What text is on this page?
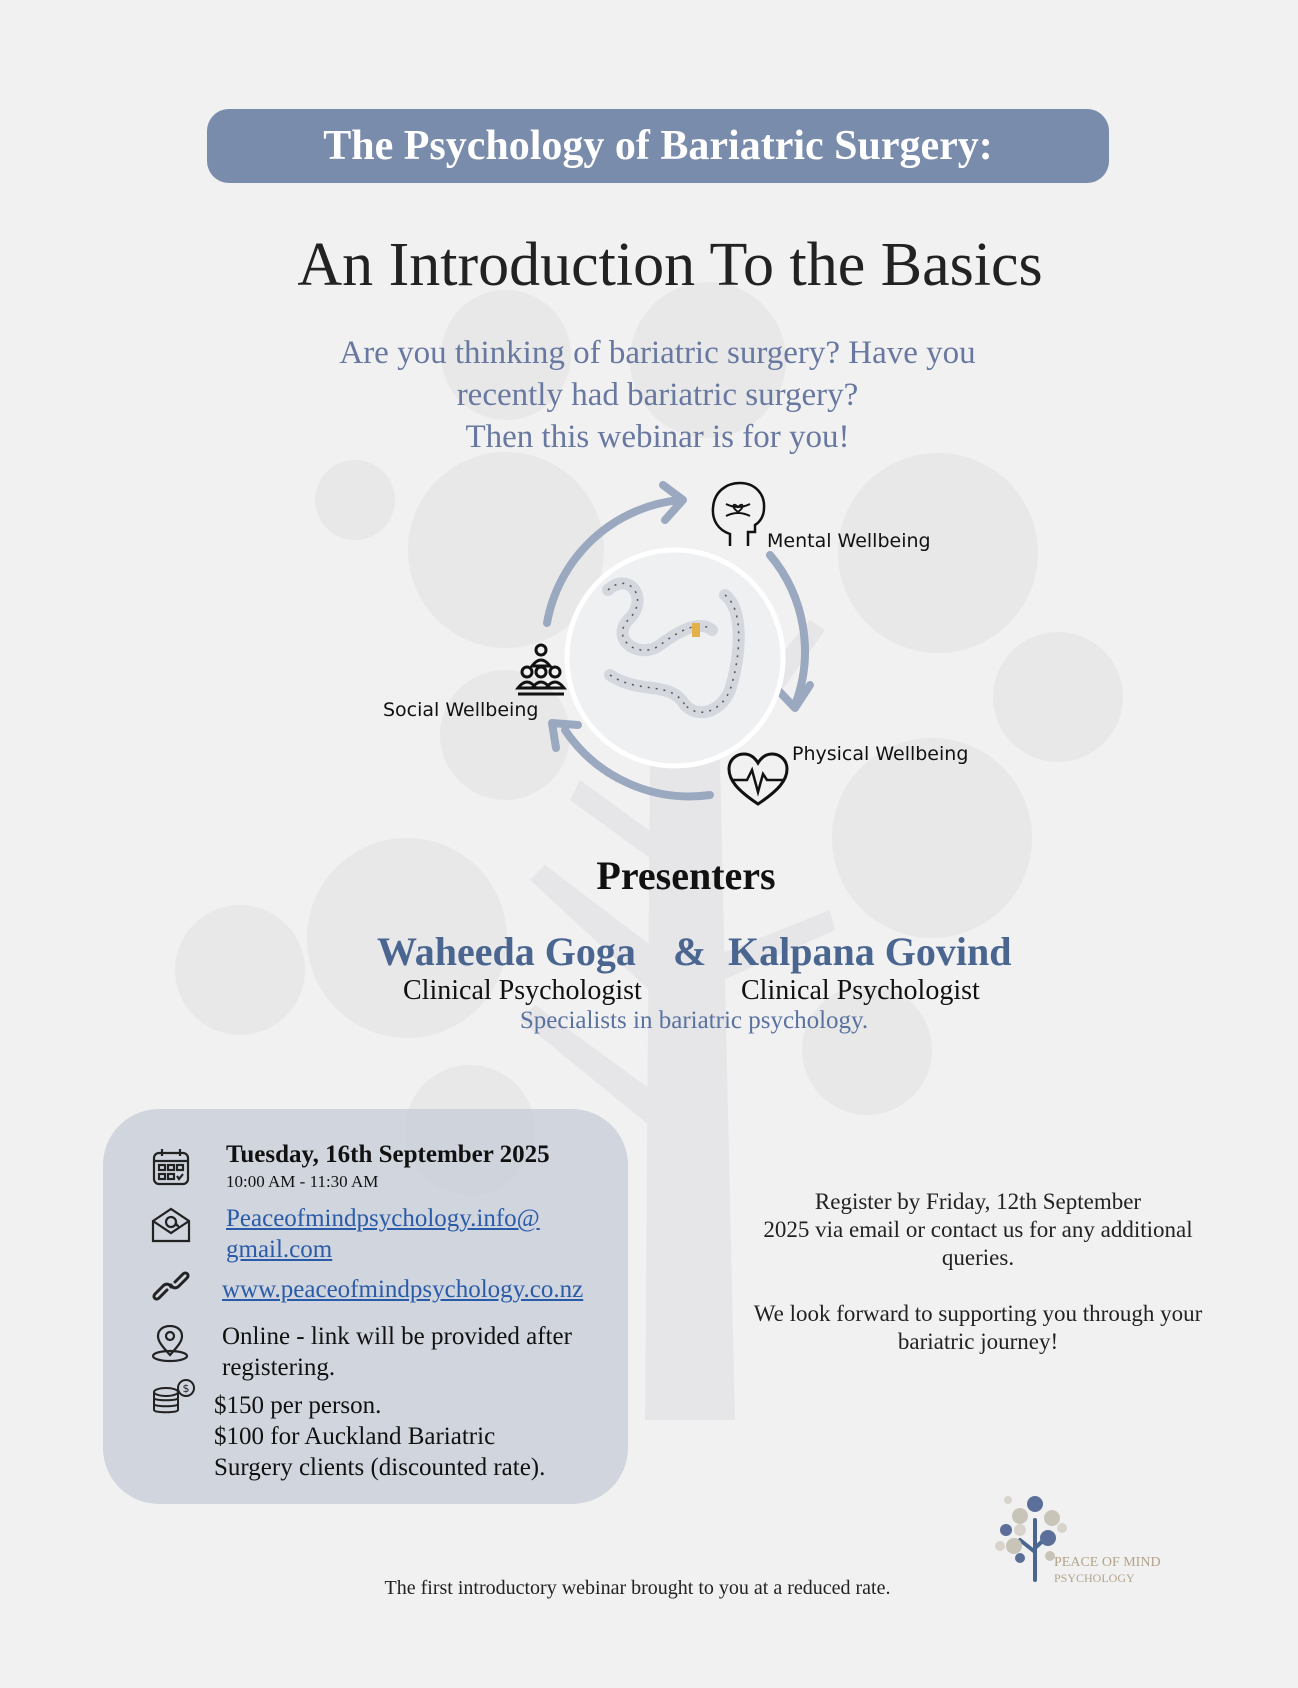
The Psychology of Bariatric Surgery:
An Introduction To the Basics
Are you thinking of bariatric surgery? Have you
recently had bariatric surgery?
Then this webinar is for you!
Mental Wellbeing
Social Wellbeing
Physical Wellbeing
Presenters
Waheeda Goga & Kalpana Govind
Clinical Psychologist	Clinical Psychologist
Specialists in bariatric psychology.
Tuesday, 16th September 2025
10:00 AM - 11:30 AM
Peaceofmindpsychology.info@
gmail.com
www.peaceofmindpsychology.co.nz
Online - link will be provided after
registering.
$
$150 per person.
$100 for Auckland Bariatric
Surgery clients (discounted rate).
Register by Friday, 12th September
2025 via email or contact us for any additional
queries.
We look forward to supporting you through your
bariatric journey!
PEACE OF MIND
PSYCHOLOGY
The first introductory webinar brought to you at a reduced rate.
